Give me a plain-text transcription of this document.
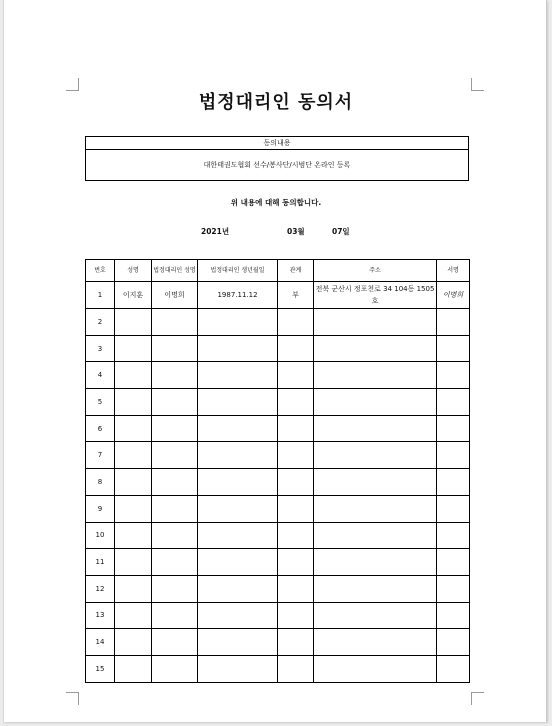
법정대리인 동의서
동의내용
대한태권도협회 선수/봉사단/시범단 온라인 등록
위 내용에 대해 동의합니다.
2021년	03월	07일
번호	성명	법정대리인 성명	법정대리인 생년월일	관계	주소	서명
1	이지훈	이명희	1987.11.12	부	전북 군산시 정포천로 34 104동 1505호	이명희
2						
3						
4						
5						
6						
7						
8						
9						
10						
11						
12						
13						
14						
15						
